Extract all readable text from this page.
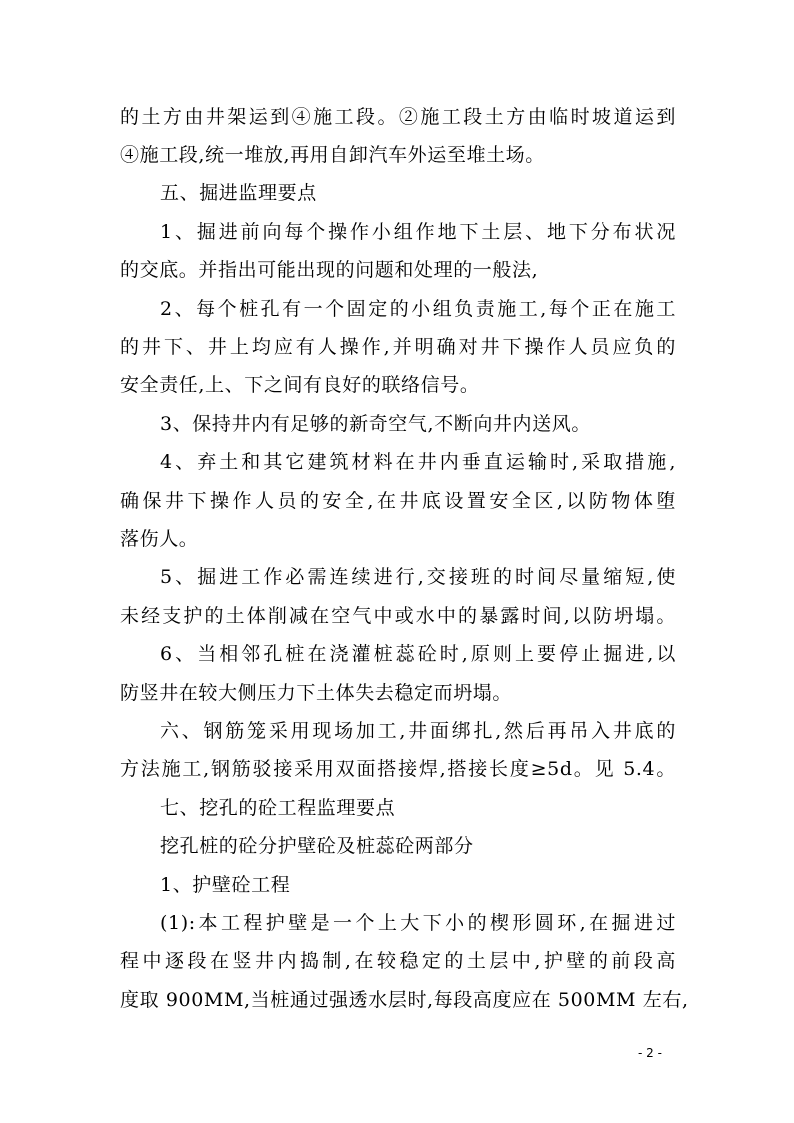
的土方由井架运到④施工段。②施工段土方由临时坡道运到
④施工段,统一堆放,再用自卸汽车外运至堆土场。
五、掘进监理要点
1、掘进前向每个操作小组作地下土层、地下分布状况
的交底。并指出可能出现的问题和处理的一般法,
2、每个桩孔有一个固定的小组负责施工,每个正在施工
的井下、井上均应有人操作,并明确对井下操作人员应负的
安全责任,上、下之间有良好的联络信号。
3、保持井内有足够的新奇空气,不断向井内送风。
4、弃土和其它建筑材料在井内垂直运输时,采取措施,
确保井下操作人员的安全,在井底设置安全区,以防物体堕
落伤人。
5、掘进工作必需连续进行,交接班的时间尽量缩短,使
未经支护的土体削减在空气中或水中的暴露时间,以防坍塌。
6、当相邻孔桩在浇灌桩蕊砼时,原则上要停止掘进,以
防竖井在较大侧压力下土体失去稳定而坍塌。
六、钢筋笼采用现场加工,井面绑扎,然后再吊入井底的
方法施工,钢筋驳接采用双面搭接焊,搭接长度≥5d。见 5.4。
七、挖孔的砼工程监理要点
挖孔桩的砼分护壁砼及桩蕊砼两部分
1、护壁砼工程
(1):本工程护壁是一个上大下小的楔形圆环,在掘进过
程中逐段在竖井内捣制,在较稳定的土层中,护壁的前段高
度取 900MM,当桩通过强透水层时,每段高度应在 500MM 左右,
- 2 -
